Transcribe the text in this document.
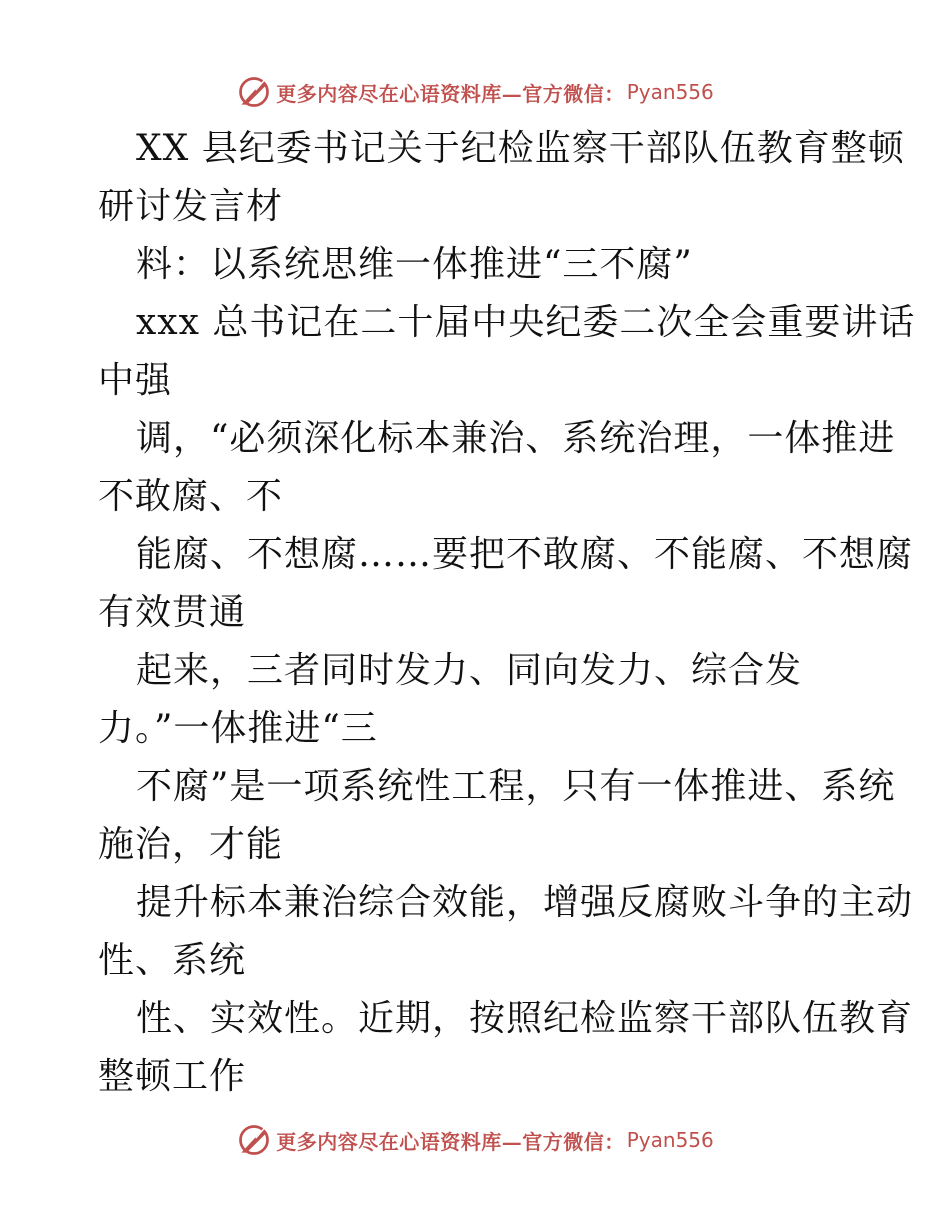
更多内容尽在心语资料库—官方微信： Pyan556
XX 县纪委书记关于纪检监察干部队伍教育整顿
研讨发言材
料：以系统思维一体推进“三不腐”
xxx 总书记在二十届中央纪委二次全会重要讲话
中强
调，“必须深化标本兼治、系统治理，一体推进
不敢腐、不
能腐、不想腐……要把不敢腐、不能腐、不想腐
有效贯通
起来，三者同时发力、同向发力、综合发
力。”一体推进“三
不腐”是一项系统性工程，只有一体推进、系统
施治，才能
提升标本兼治综合效能，增强反腐败斗争的主动
性、系统
性、实效性。近期，按照纪检监察干部队伍教育
整顿工作
更多内容尽在心语资料库—官方微信： Pyan556
